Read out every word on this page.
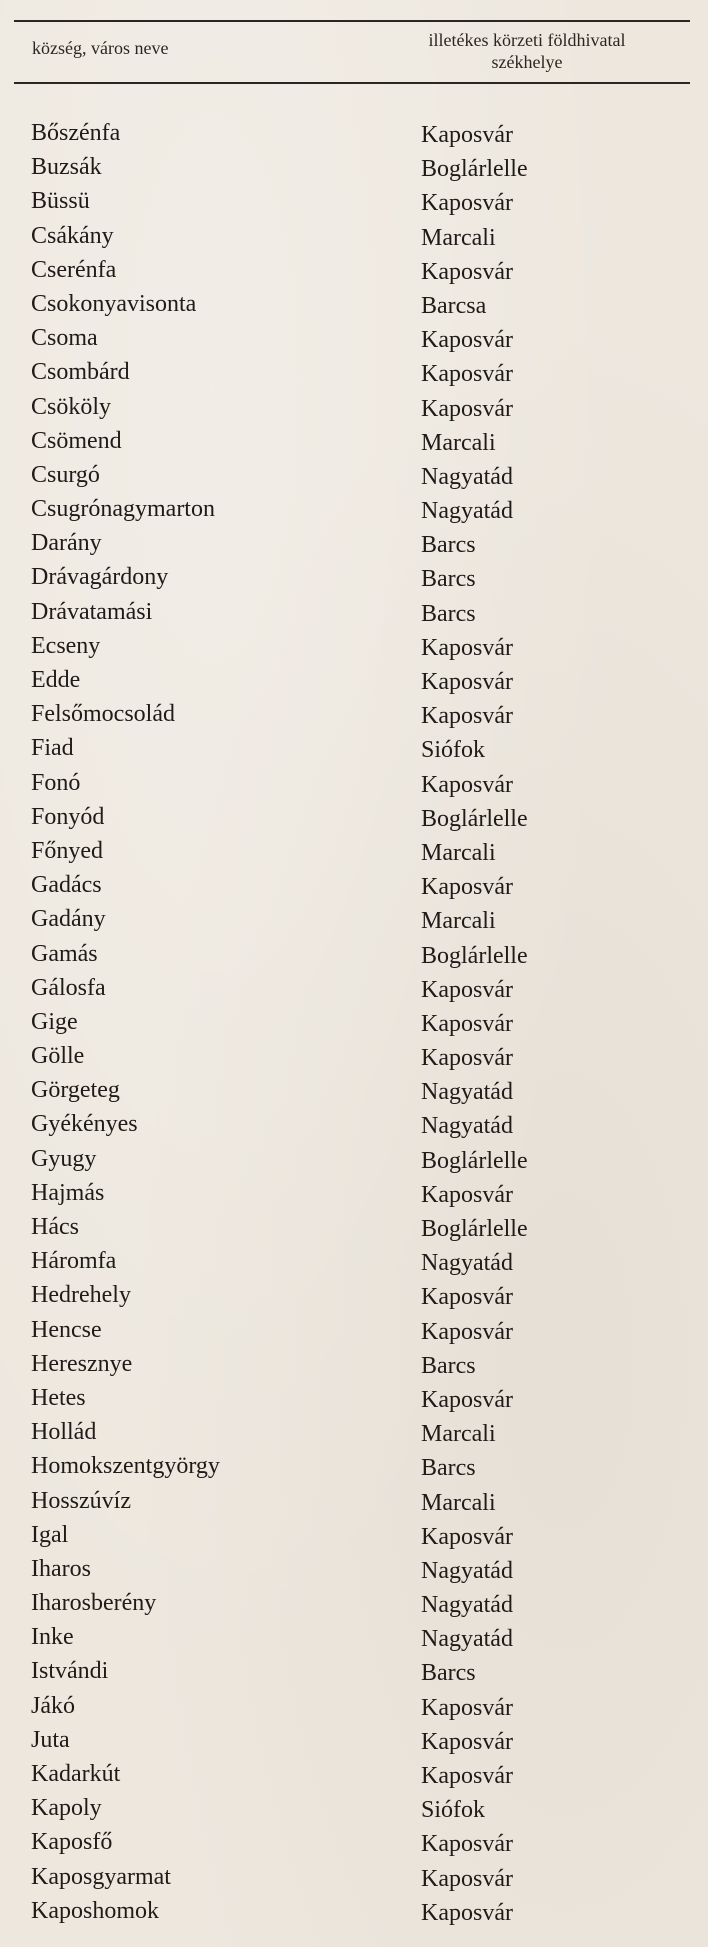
község, város neve	illetékes körzeti földhivatal
székhelye
Bőszénfa	Kaposvár
Buzsák	Boglárlelle
Büssü	Kaposvár
Csákány	Marcali
Cserénfa	Kaposvár
Csokonyavisonta	Barcsa
Csoma	Kaposvár
Csombárd	Kaposvár
Csököly	Kaposvár
Csömend	Marcali
Csurgó	Nagyatád
Csugrónagymarton	Nagyatád
Darány	Barcs
Drávagárdony	Barcs
Drávatamási	Barcs
Ecseny	Kaposvár
Edde	Kaposvár
Felsőmocsolád	Kaposvár
Fiad	Siófok
Fonó	Kaposvár
Fonyód	Boglárlelle
Főnyed	Marcali
Gadács	Kaposvár
Gadány	Marcali
Gamás	Boglárlelle
Gálosfa	Kaposvár
Gige	Kaposvár
Gölle	Kaposvár
Görgeteg	Nagyatád
Gyékényes	Nagyatád
Gyugy	Boglárlelle
Hajmás	Kaposvár
Hács	Boglárlelle
Háromfa	Nagyatád
Hedrehely	Kaposvár
Hencse	Kaposvár
Heresznye	Barcs
Hetes	Kaposvár
Hollád	Marcali
Homokszentgyörgy	Barcs
Hosszúvíz	Marcali
Igal	Kaposvár
Iharos	Nagyatád
Iharosberény	Nagyatád
Inke	Nagyatád
Istvándi	Barcs
Jákó	Kaposvár
Juta	Kaposvár
Kadarkút	Kaposvár
Kapoly	Siófok
Kaposfő	Kaposvár
Kaposgyarmat	Kaposvár
Kaposhomok	Kaposvár
